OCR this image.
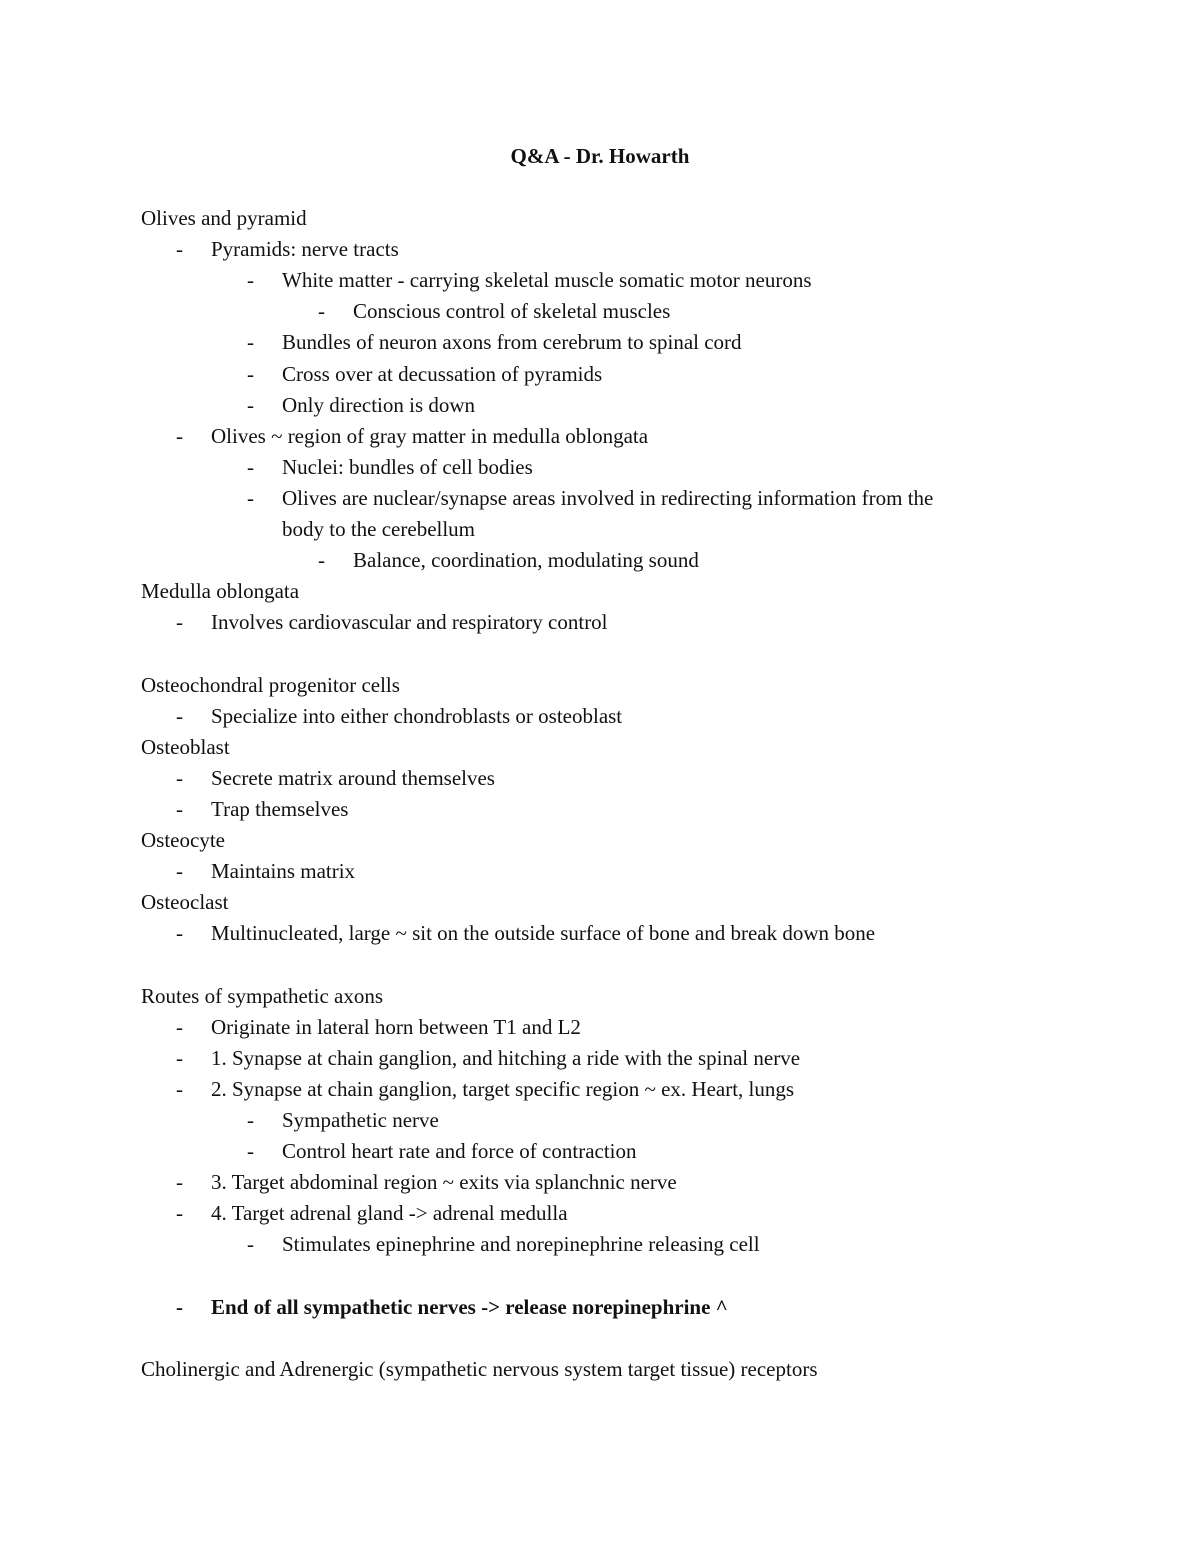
Q&A - Dr. Howarth
Olives and pyramid
- Pyramids: nerve tracts
- White matter - carrying skeletal muscle somatic motor neurons
- Conscious control of skeletal muscles
- Bundles of neuron axons from cerebrum to spinal cord
- Cross over at decussation of pyramids
- Only direction is down
- Olives ~ region of gray matter in medulla oblongata
- Nuclei: bundles of cell bodies
- Olives are nuclear/synapse areas involved in redirecting information from the
body to the cerebellum
- Balance, coordination, modulating sound
Medulla oblongata
- Involves cardiovascular and respiratory control
Osteochondral progenitor cells
- Specialize into either chondroblasts or osteoblast
Osteoblast
- Secrete matrix around themselves
- Trap themselves
Osteocyte
- Maintains matrix
Osteoclast
- Multinucleated, large ~ sit on the outside surface of bone and break down bone
Routes of sympathetic axons
- Originate in lateral horn between T1 and L2
- 1. Synapse at chain ganglion, and hitching a ride with the spinal nerve
- 2. Synapse at chain ganglion, target specific region ~ ex. Heart, lungs
- Sympathetic nerve
- Control heart rate and force of contraction
- 3. Target abdominal region ~ exits via splanchnic nerve
- 4. Target adrenal gland -> adrenal medulla
- Stimulates epinephrine and norepinephrine releasing cell
- End of all sympathetic nerves -> release norepinephrine ^
Cholinergic and Adrenergic (sympathetic nervous system target tissue) receptors
